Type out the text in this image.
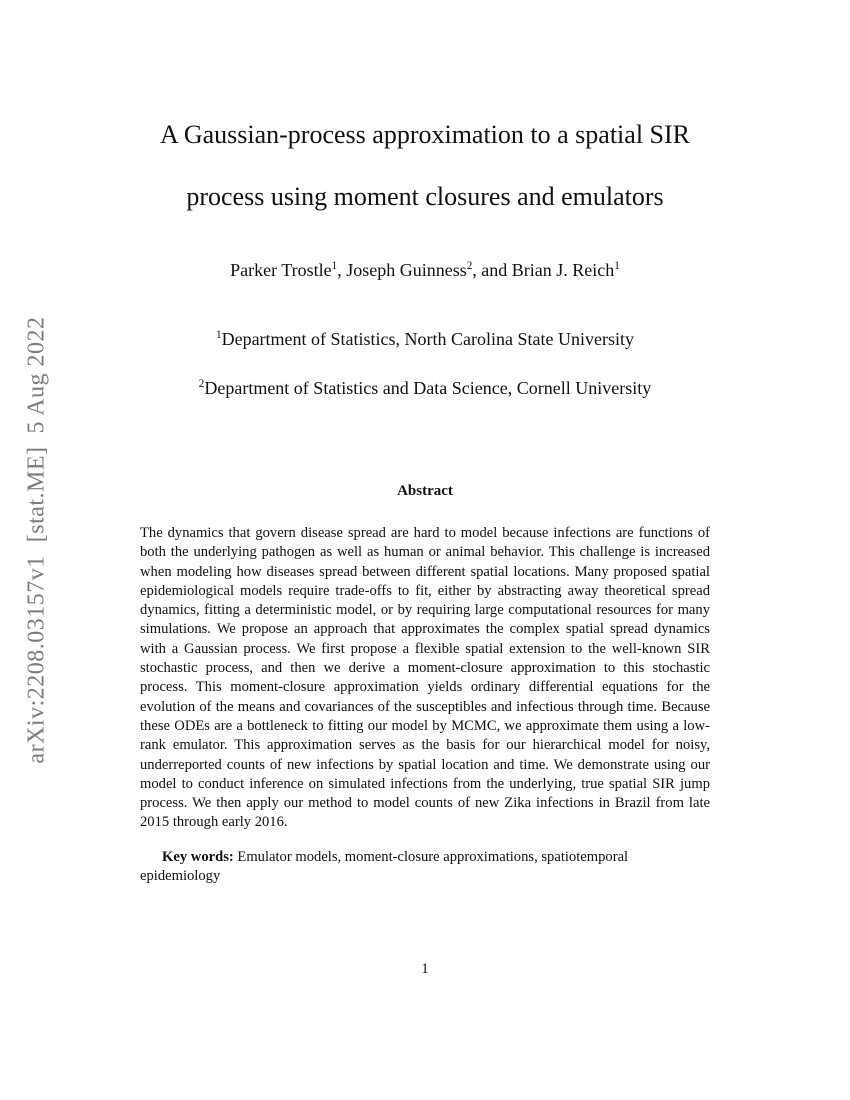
arXiv:2208.03157v1  [stat.ME]  5 Aug 2022
A Gaussian-process approximation to a spatial SIR
process using moment closures and emulators
Parker Trostle$^1$, Joseph Guinness$^2$, and Brian J. Reich$^1$
$^1$Department of Statistics, North Carolina State University
$^2$Department of Statistics and Data Science, Cornell University
Abstract

The dynamics that govern disease spread are hard to model because infections are functions of both the underlying pathogen as well as human or animal behavior. This challenge is increased when modeling how diseases spread between different spatial locations. Many proposed spatial epidemiological models require trade-offs to fit, either by abstracting away theoretical spread dynamics, fitting a deterministic model, or by requiring large computational resources for many simulations. We propose an approach that approximates the complex spatial spread dynamics with a Gaussian process. We first propose a flexible spatial extension to the well-known SIR stochastic process, and then we derive a moment-closure approximation to this stochastic process. This moment-closure approximation yields ordinary differential equations for the evolution of the means and covariances of the susceptibles and infectious through time. Because these ODEs are a bottleneck to fitting our model by MCMC, we approximate them using a low-rank emulator. This approximation serves as the basis for our hierarchical model for noisy, underreported counts of new infections by spatial location and time. We demonstrate using our model to conduct inference on simulated infections from the underlying, true spatial SIR jump process. We then apply our method to model counts of new Zika infections in Brazil from late 2015 through early 2016.

Key words: Emulator models, moment-closure approximations, spatiotemporal epidemiology

1
